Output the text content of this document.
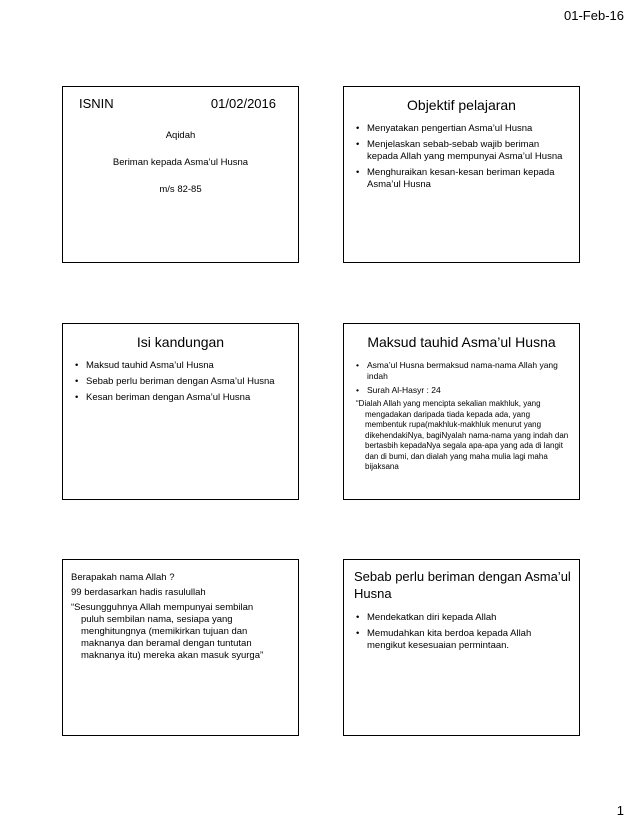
01-Feb-16
ISNIN	01/02/2016
Aqidah
Beriman kepada Asma’ul Husna
m/s 82-85
Objektif pelajaran
• Menyatakan pengertian Asma’ul Husna
• Menjelaskan sebab-sebab wajib beriman kepada Allah yang mempunyai Asma’ul Husna
• Menghuraikan kesan-kesan beriman kepada Asma’ul Husna
Isi kandungan
• Maksud tauhid Asma’ul Husna
• Sebab perlu beriman dengan Asma’ul Husna
• Kesan beriman dengan Asma’ul Husna
Maksud tauhid Asma’ul Husna
• Asma’ul Husna bermaksud nama-nama Allah yang indah
• Surah Al-Hasyr : 24
“Dialah Allah yang mencipta sekalian makhluk, yang
mengadakan daripada tiada kepada ada, yang membentuk rupa(makhluk-makhluk menurut yang dikehendakiNya, bagiNyalah nama-nama yang indah dan bertasbih kepadaNya segala apa-apa yang ada di langit dan di bumi, dan dialah yang maha mulia lagi maha bijaksana

Berapakah nama Allah ?

99 berdasarkan hadis rasulullah

“Sesungguhnya Allah mempunyai sembilan
puluh sembilan nama, sesiapa yang menghitungnya (memikirkan tujuan dan maknanya dan beramal dengan tuntutan maknanya itu) mereka akan masuk syurga”

Sebab perlu beriman dengan Asma’ul Husna
• Mendekatkan diri kepada Allah
• Memudahkan kita berdoa kepada Allah mengikut kesesuaian permintaan.
1
